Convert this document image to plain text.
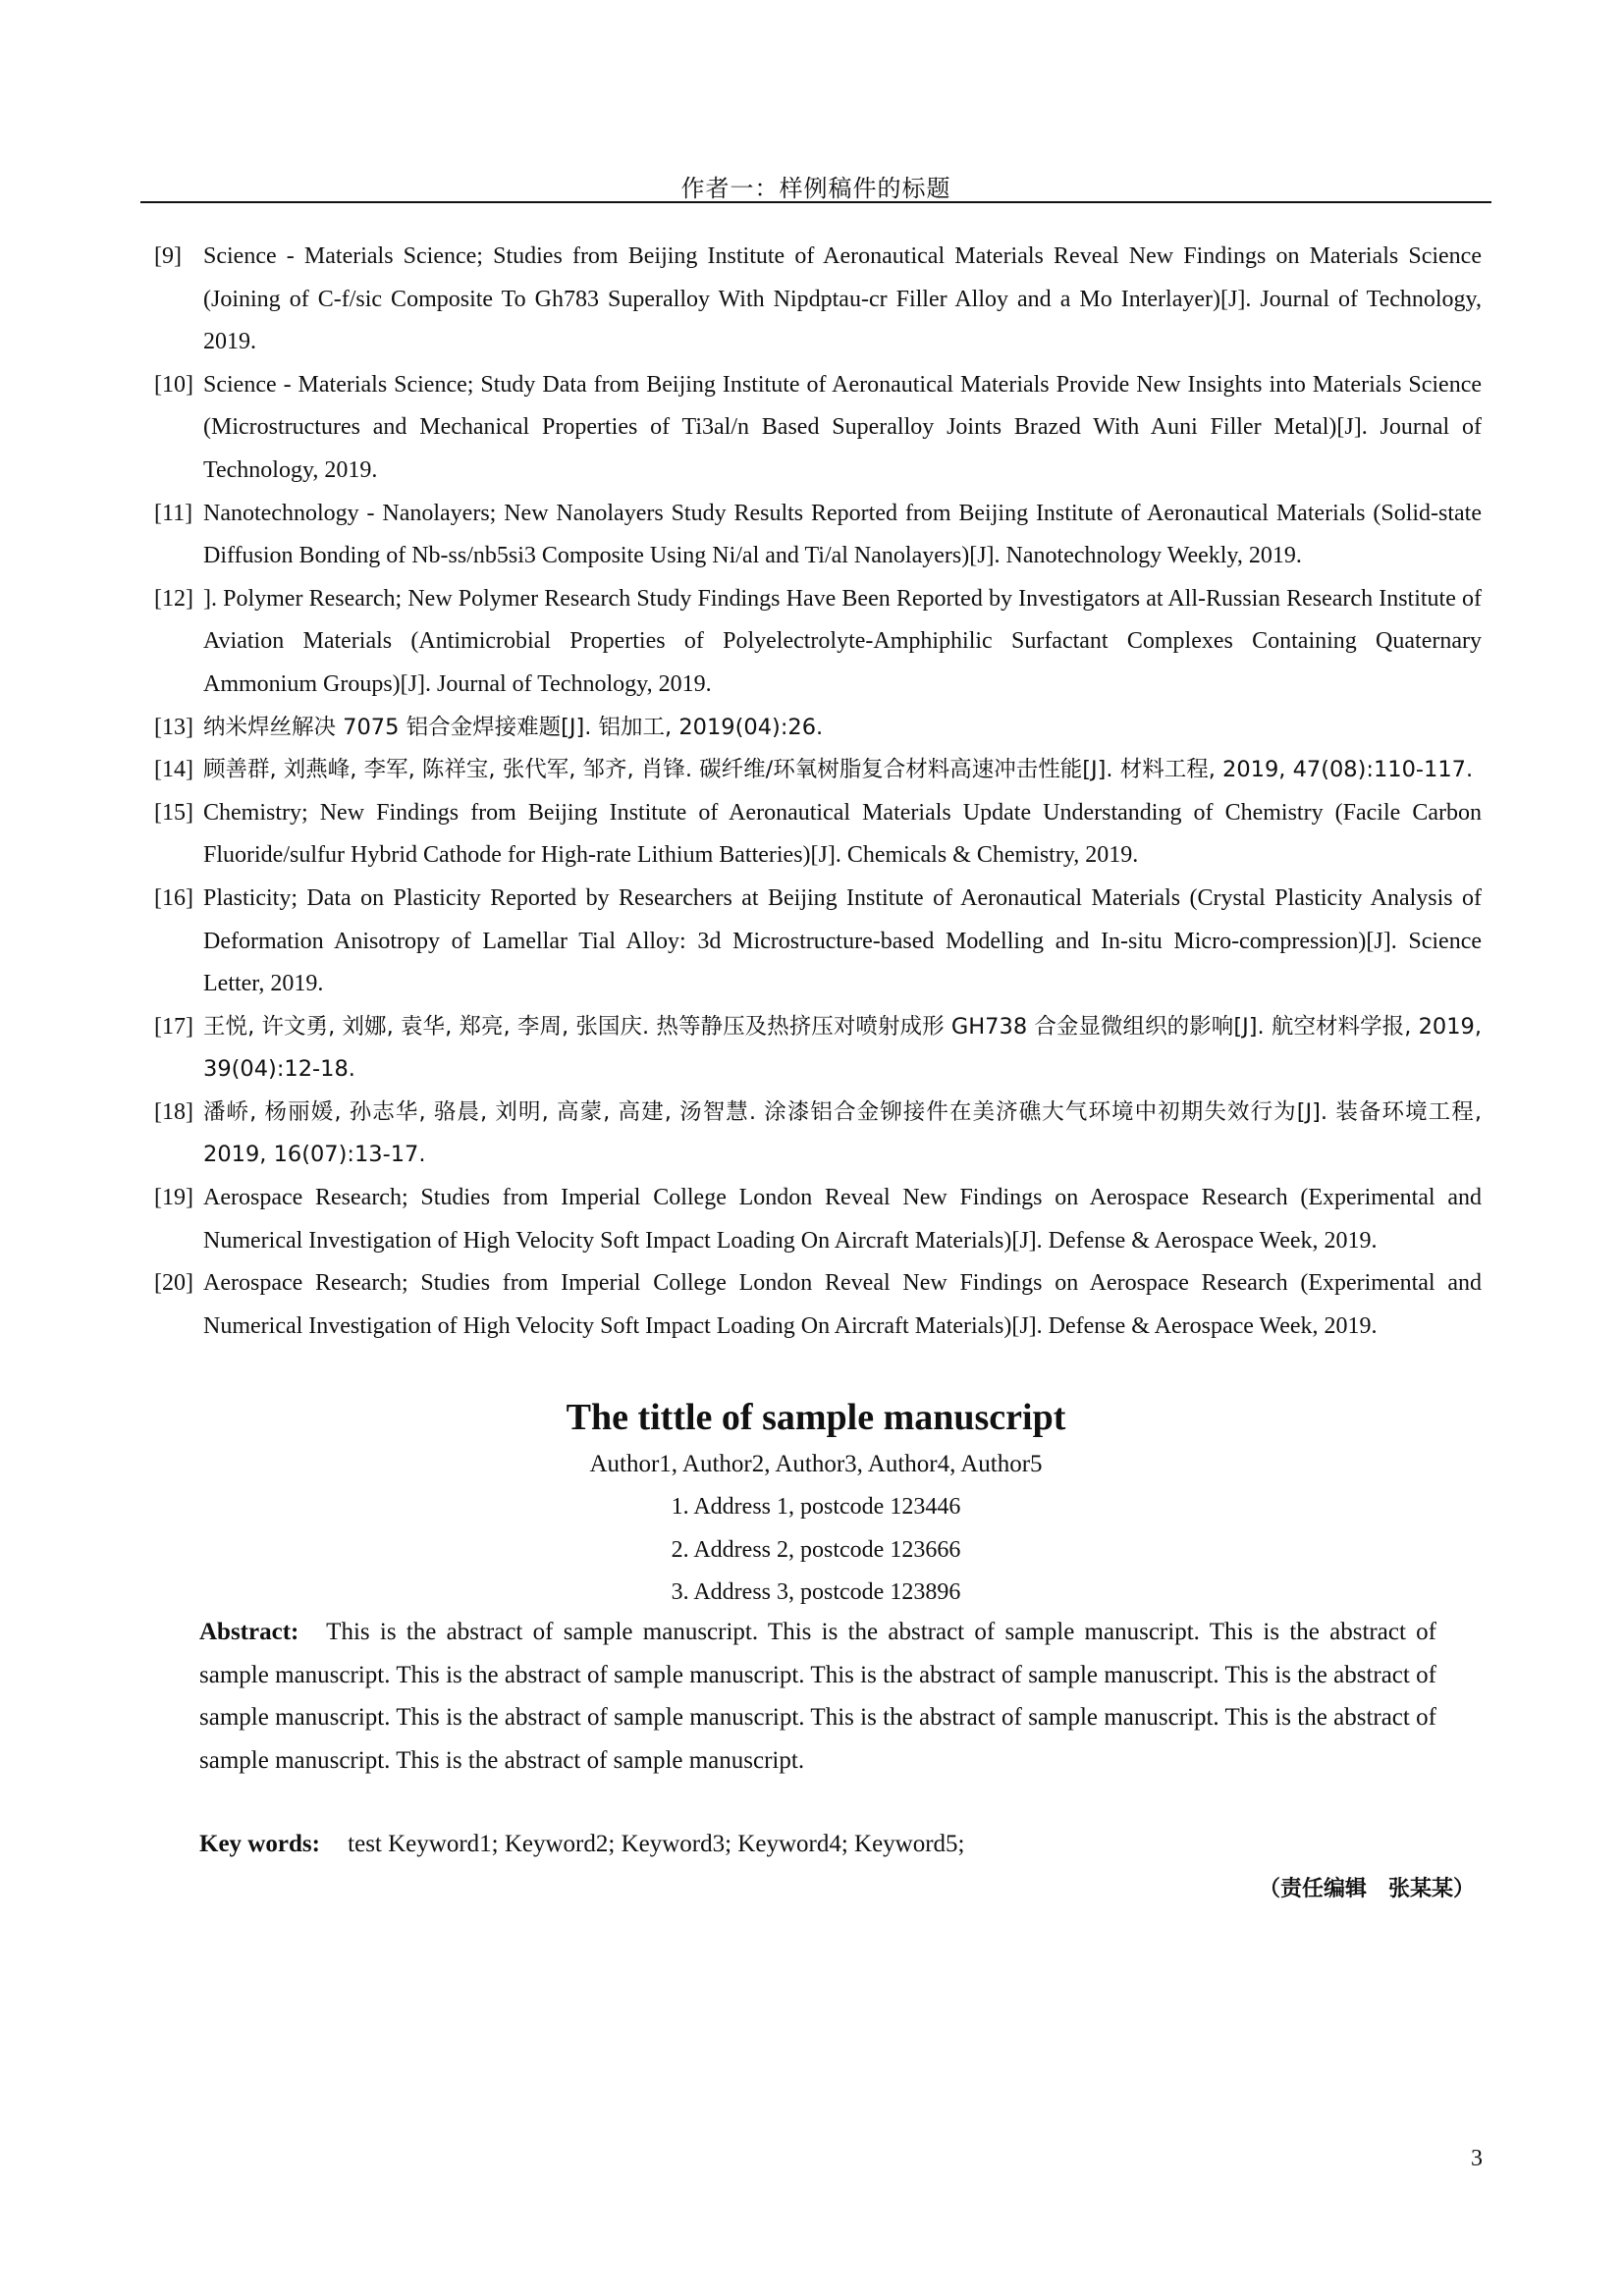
作者一：样例稿件的标题
[9] Science - Materials Science; Studies from Beijing Institute of Aeronautical Materials Reveal New Findings on Materials Science (Joining of C-f/sic Composite To Gh783 Superalloy With Nipdptau-cr Filler Alloy and a Mo Interlayer)[J]. Journal of Technology, 2019.
[10] Science - Materials Science; Study Data from Beijing Institute of Aeronautical Materials Provide New Insights into Materials Science (Microstructures and Mechanical Properties of Ti3al/n Based Superalloy Joints Brazed With Auni Filler Metal)[J]. Journal of Technology, 2019.
[11] Nanotechnology - Nanolayers; New Nanolayers Study Results Reported from Beijing Institute of Aeronautical Materials (Solid-state Diffusion Bonding of Nb-ss/nb5si3 Composite Using Ni/al and Ti/al Nanolayers)[J]. Nanotechnology Weekly, 2019.
[12] ]. Polymer Research; New Polymer Research Study Findings Have Been Reported by Investigators at All-Russian Research Institute of Aviation Materials (Antimicrobial Properties of Polyelectrolyte-Amphiphilic Surfactant Complexes Containing Quaternary Ammonium Groups)[J]. Journal of Technology, 2019.
[13] 纳米焊丝解决 7075 铝合金焊接难题[J]. 铝加工, 2019(04):26.
[14] 顾善群, 刘燕峰, 李军, 陈祥宝, 张代军, 邹齐, 肖锋. 碳纤维/环氧树脂复合材料高速冲击性能[J]. 材料工程, 2019, 47(08):110-117.
[15] Chemistry; New Findings from Beijing Institute of Aeronautical Materials Update Understanding of Chemistry (Facile Carbon Fluoride/sulfur Hybrid Cathode for High-rate Lithium Batteries)[J]. Chemicals & Chemistry, 2019.
[16] Plasticity; Data on Plasticity Reported by Researchers at Beijing Institute of Aeronautical Materials (Crystal Plasticity Analysis of Deformation Anisotropy of Lamellar Tial Alloy: 3d Microstructure-based Modelling and In-situ Micro-compression)[J]. Science Letter, 2019.
[17] 王悦, 许文勇, 刘娜, 袁华, 郑亮, 李周, 张国庆. 热等静压及热挤压对喷射成形 GH738 合金显微组织的影响[J]. 航空材料学报, 2019, 39(04):12-18.
[18] 潘峤, 杨丽媛, 孙志华, 骆晨, 刘明, 高蒙, 高建, 汤智慧. 涂漆铝合金铆接件在美济礁大气环境中初期失效行为[J]. 装备环境工程, 2019, 16(07):13-17.
[19] Aerospace Research; Studies from Imperial College London Reveal New Findings on Aerospace Research (Experimental and Numerical Investigation of High Velocity Soft Impact Loading On Aircraft Materials)[J]. Defense & Aerospace Week, 2019.
[20] Aerospace Research; Studies from Imperial College London Reveal New Findings on Aerospace Research (Experimental and Numerical Investigation of High Velocity Soft Impact Loading On Aircraft Materials)[J]. Defense & Aerospace Week, 2019.
The tittle of sample manuscript
Author1, Author2, Author3, Author4, Author5
1. Address 1, postcode 123446
2. Address 2, postcode 123666
3. Address 3, postcode 123896
Abstract: This is the abstract of sample manuscript. This is the abstract of sample manuscript. This is the abstract of sample manuscript. This is the abstract of sample manuscript. This is the abstract of sample manuscript. This is the abstract of sample manuscript. This is the abstract of sample manuscript. This is the abstract of sample manuscript. This is the abstract of sample manuscript. This is the abstract of sample manuscript.
Key words: test Keyword1; Keyword2; Keyword3; Keyword4; Keyword5;
（责任编辑　张某某）
3
